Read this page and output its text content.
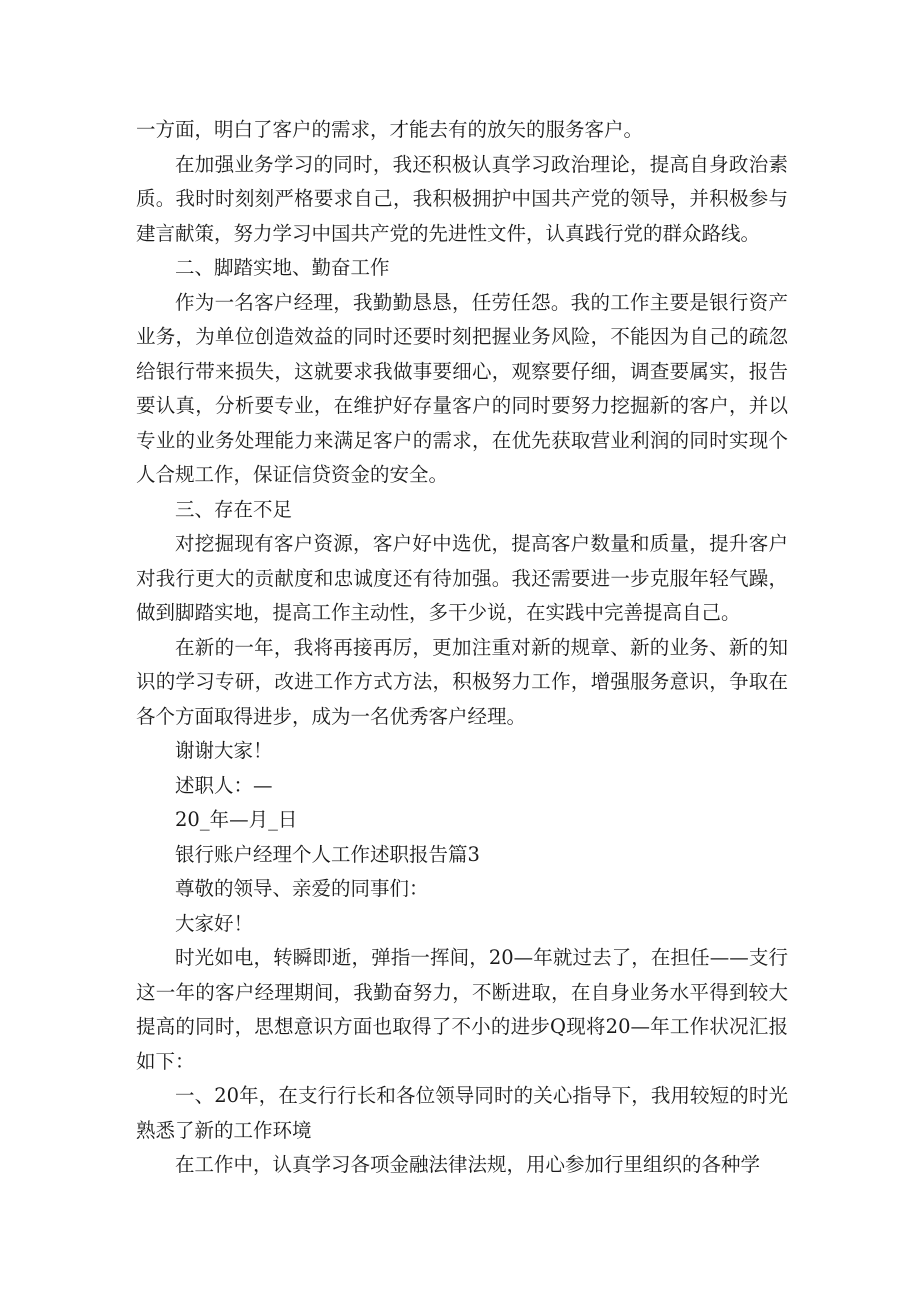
一方面，明白了客户的需求，才能去有的放矢的服务客户。

在加强业务学习的同时，我还积极认真学习政治理论，提高自身政治素质。我时时刻刻严格要求自己，我积极拥护中国共产党的领导，并积极参与建言献策，努力学习中国共产党的先进性文件，认真践行党的群众路线。

二、脚踏实地、勤奋工作

作为一名客户经理，我勤勤恳恳，任劳任怨。我的工作主要是银行资产业务，为单位创造效益的同时还要时刻把握业务风险，不能因为自己的疏忽给银行带来损失，这就要求我做事要细心，观察要仔细，调查要属实，报告要认真，分析要专业，在维护好存量客户的同时要努力挖掘新的客户，并以专业的业务处理能力来满足客户的需求，在优先获取营业利润的同时实现个人合规工作，保证信贷资金的安全。

三、存在不足

对挖掘现有客户资源，客户好中选优，提高客户数量和质量，提升客户对我行更大的贡献度和忠诚度还有待加强。我还需要进一步克服年轻气躁，做到脚踏实地，提高工作主动性，多干少说，在实践中完善提高自己。

在新的一年，我将再接再厉，更加注重对新的规章、新的业务、新的知识的学习专研，改进工作方式方法，积极努力工作，增强服务意识，争取在各个方面取得进步，成为一名优秀客户经理。

谢谢大家！

述职人：—

20_年—月_日

银行账户经理个人工作述职报告篇3

尊敬的领导、亲爱的同事们：

大家好！

时光如电，转瞬即逝，弹指一挥间，20—年就过去了，在担任——支行这一年的客户经理期间，我勤奋努力，不断进取，在自身业务水平得到较大提高的同时，思想意识方面也取得了不小的进步Q现将20—年工作状况汇报如下：

一、20年，在支行行长和各位领导同时的关心指导下，我用较短的时光熟悉了新的工作环境

在工作中，认真学习各项金融法律法规，用心参加行里组织的各种学
